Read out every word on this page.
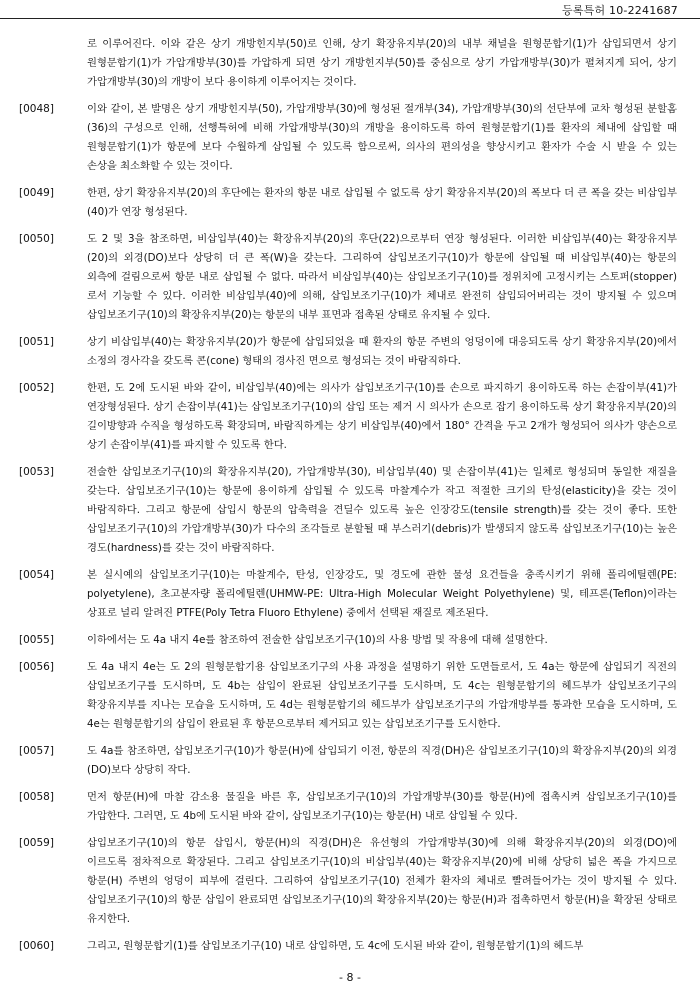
등록특허 10-2241687
로 이루어진다. 이와 같은 상기 개방힌지부(50)로 인해, 상기 확장유지부(20)의 내부 채널을 원형문합기(1)가 삽입되면서 상기 원형문합기(1)가 가압개방부(30)를 가압하게 되면 상기 개방힌지부(50)를 중심으로 상기 가압개방부(30)가 펼쳐지게 되어, 상기 가압개방부(30)의 개방이 보다 용이하게 이루어지는 것이다.
[0048]	이와 같이, 본 발명은 상기 개방힌지부(50), 가압개방부(30)에 형성된 절개부(34), 가압개방부(30)의 선단부에 교차 형성된 분할홈(36)의 구성으로 인해, 선행특허에 비해 가압개방부(30)의 개방을 용이하도록 하여 원형문합기(1)를 환자의 체내에 삽입할 때 원형문합기(1)가 항문에 보다 수월하게 삽입될 수 있도록 함으로써, 의사의 편의성을 향상시키고 환자가 수술 시 받을 수 있는 손상을 최소화할 수 있는 것이다.
[0049]	한편, 상기 확장유지부(20)의 후단에는 환자의 항문 내로 삽입될 수 없도록 상기 확장유지부(20)의 폭보다 더 큰 폭을 갖는 비삽입부(40)가 연장 형성된다.
[0050]	도 2 및 3을 참조하면, 비삽입부(40)는 확장유지부(20)의 후단(22)으로부터 연장 형성된다. 이러한 비삽입부(40)는 확장유지부(20)의 외경(DO)보다 상당히 더 큰 폭(W)을 갖는다. 그리하여 삽입보조기구(10)가 항문에 삽입될 때 비삽입부(40)는 항문의 외측에 걸림으로써 항문 내로 삽입될 수 없다. 따라서 비삽입부(40)는 삽입보조기구(10)를 정위치에 고정시키는 스토퍼(stopper)로서 기능할 수 있다. 이러한 비삽입부(40)에 의해, 삽입보조기구(10)가 체내로 완전히 삽입되어버리는 것이 방지될 수 있으며 삽입보조기구(10)의 확장유지부(20)는 항문의 내부 표면과 접촉된 상태로 유지될 수 있다.
[0051]	상기 비삽입부(40)는 확장유지부(20)가 항문에 삽입되었을 때 환자의 항문 주변의 엉덩이에 대응되도록 상기 확장유지부(20)에서 소정의 경사각을 갖도록 콘(cone) 형태의 경사진 면으로 형성되는 것이 바람직하다.
[0052]	한편, 도 2에 도시된 바와 같이, 비삽입부(40)에는 의사가 삽입보조기구(10)를 손으로 파지하기 용이하도록 하는 손잡이부(41)가 연장형성된다. 상기 손잡이부(41)는 삽입보조기구(10)의 삽입 또는 제거 시 의사가 손으로 잡기 용이하도록 상기 확장유지부(20)의 길이방향과 수직을 형성하도록 확장되며, 바람직하게는 상기 비삽입부(40)에서 180° 간격을 두고 2개가 형성되어 의사가 양손으로 상기 손잡이부(41)를 파지할 수 있도록 한다.
[0053]	전술한 삽입보조기구(10)의 확장유지부(20), 가압개방부(30), 비삽입부(40) 및 손잡이부(41)는 일체로 형성되며 동일한 재질을 갖는다. 삽입보조기구(10)는 항문에 용이하게 삽입될 수 있도록 마찰계수가 작고 적절한 크기의 탄성(elasticity)을 갖는 것이 바람직하다. 그리고 항문에 삽입시 항문의 압축력을 견딜수 있도록 높은 인장강도(tensile strength)를 갖는 것이 좋다. 또한 삽입보조기구(10)의 가압개방부(30)가 다수의 조각들로 분할될 때 부스러기(debris)가 발생되지 않도록 삽입보조기구(10)는 높은 경도(hardness)를 갖는 것이 바람직하다.
[0054]	본 실시예의 삽입보조기구(10)는 마찰계수, 탄성, 인장강도, 및 경도에 관한 물성 요건들을 충족시키기 위해 폴리에틸렌(PE: polyetylene), 초고분자량 폴리에틸렌(UHMW-PE: Ultra-High Molecular Weight Polyethylene) 및, 테프론(Teflon)이라는 상표로 널리 알려진 PTFE(Poly Tetra Fluoro Ethylene) 중에서 선택된 재질로 제조된다.
[0055]	이하에서는 도 4a 내지 4e를 참조하여 전술한 삽입보조기구(10)의 사용 방법 및 작용에 대해 설명한다.
[0056]	도 4a 내지 4e는 도 2의 원형문합기용 삽입보조기구의 사용 과정을 설명하기 위한 도면들로서, 도 4a는 항문에 삽입되기 직전의 삽입보조기구를 도시하며, 도 4b는 삽입이 완료된 삽입보조기구를 도시하며, 도 4c는 원형문합기의 헤드부가 삽입보조기구의 확장유지부를 지나는 모습을 도시하며, 도 4d는 원형문합기의 헤드부가 삽입보조기구의 가압개방부를 통과한 모습을 도시하며, 도 4e는 원형문합기의 삽입이 완료된 후 항문으로부터 제거되고 있는 삽입보조기구를 도시한다.
[0057]	도 4a를 참조하면, 삽입보조기구(10)가 항문(H)에 삽입되기 이전, 항문의 직경(DH)은 삽입보조기구(10)의 확장유지부(20)의 외경(DO)보다 상당히 작다.
[0058]	먼저 항문(H)에 마찰 감소용 물질을 바른 후, 삽입보조기구(10)의 가압개방부(30)를 항문(H)에 접촉시켜 삽입보조기구(10)를 가압한다. 그러면, 도 4b에 도시된 바와 같이, 삽입보조기구(10)는 항문(H) 내로 삽입될 수 있다.
[0059]	삽입보조기구(10)의 항문 삽입시, 항문(H)의 직경(DH)은 유선형의 가압개방부(30)에 의해 확장유지부(20)의 외경(DO)에 이르도록 점차적으로 확장된다. 그리고 삽입보조기구(10)의 비삽입부(40)는 확장유지부(20)에 비해 상당히 넓은 폭을 가지므로 항문(H) 주변의 엉덩이 피부에 걸린다. 그리하여 삽입보조기구(10) 전체가 환자의 체내로 빨려들어가는 것이 방지될 수 있다. 삽입보조기구(10)의 항문 삽입이 완료되면 삽입보조기구(10)의 확장유지부(20)는 항문(H)과 접촉하면서 항문(H)을 확장된 상태로 유지한다.
[0060]	그리고, 원형문합기(1)를 삽입보조기구(10) 내로 삽입하면, 도 4c에 도시된 바와 같이, 원형문합기(1)의 헤드부
- 8 -
